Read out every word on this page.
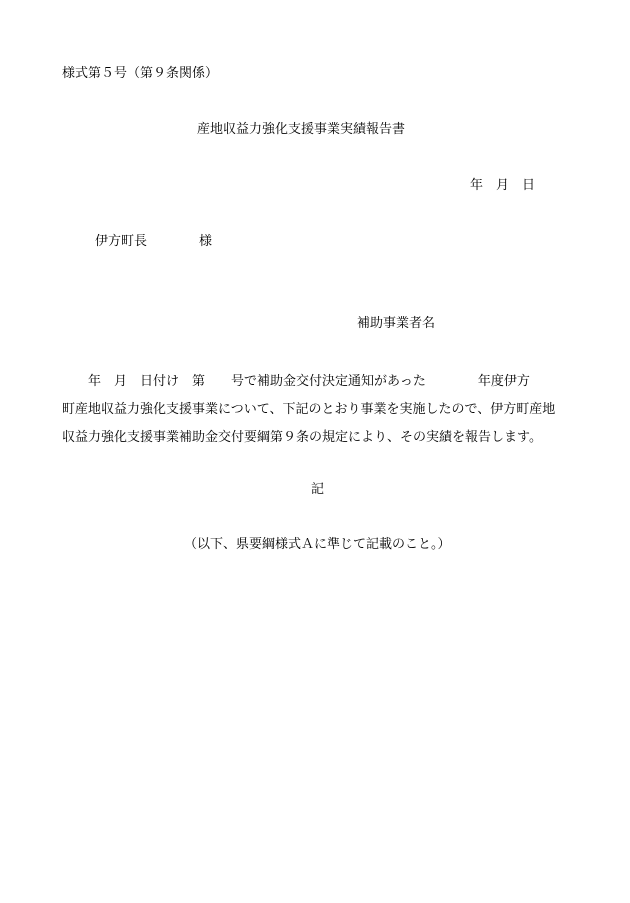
様式第５号（第９条関係）
産地収益力強化支援事業実績報告書
年　月　日
伊方町長　　　　様
補助事業者名
　　年　月　日付け　第　　号で補助金交付決定通知があった　　　　年度伊方
町産地収益力強化支援事業について、下記のとおり事業を実施したので、伊方町産地
収益力強化支援事業補助金交付要綱第９条の規定により、その実績を報告します。
記
（以下、県要綱様式Ａに準じて記載のこと。）
